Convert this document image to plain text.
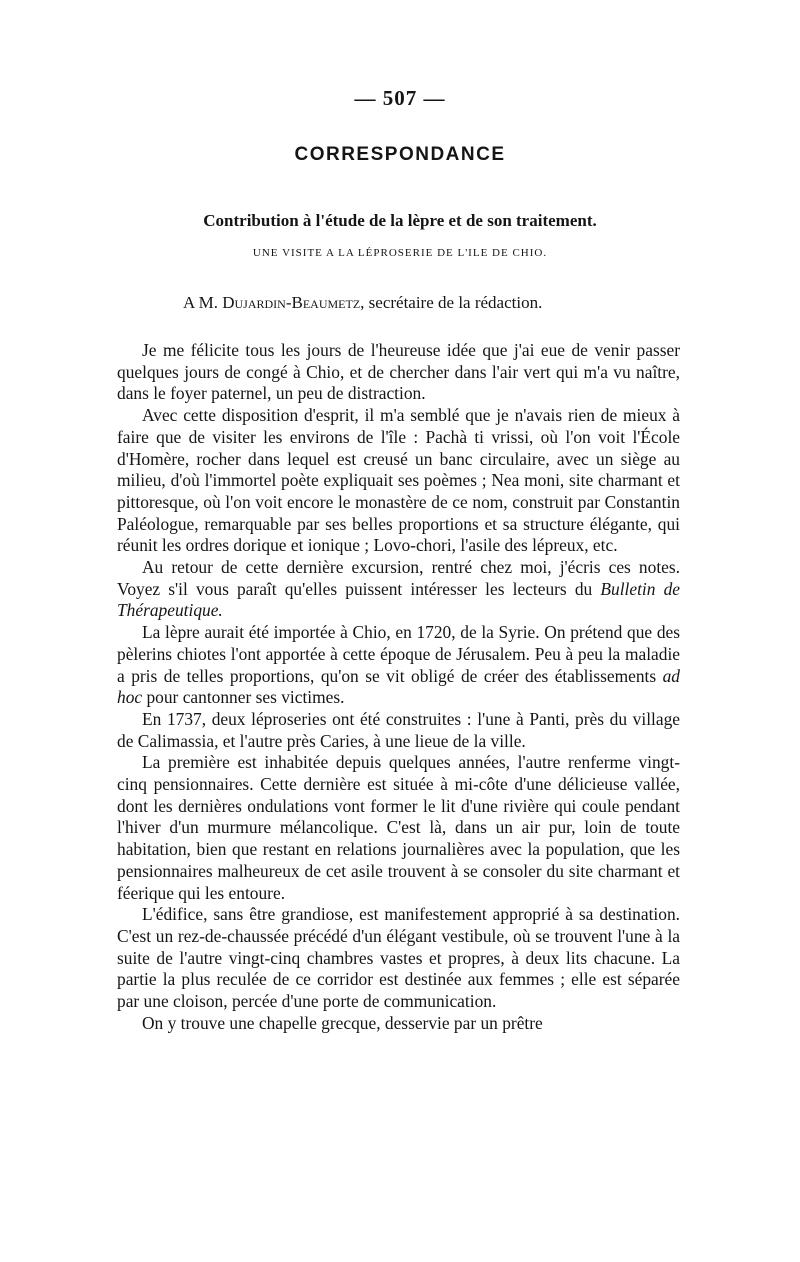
— 507 —
CORRESPONDANCE
Contribution à l'étude de la lèpre et de son traitement.
UNE VISITE A LA LÉPROSERIE DE L'ILE DE CHIO.
A M. Dujardin-Beaumetz, secrétaire de la rédaction.

Je me félicite tous les jours de l'heureuse idée que j'ai eue de venir passer quelques jours de congé à Chio, et de chercher dans l'air vert qui m'a vu naître, dans le foyer paternel, un peu de distraction.

Avec cette disposition d'esprit, il m'a semblé que je n'avais rien de mieux à faire que de visiter les environs de l'île : Pachà ti vrissi, où l'on voit l'École d'Homère, rocher dans lequel est creusé un banc circulaire, avec un siège au milieu, d'où l'immortel poète expliquait ses poèmes ; Nea moni, site charmant et pittoresque, où l'on voit encore le monastère de ce nom, construit par Constantin Paléologue, remarquable par ses belles proportions et sa structure élégante, qui réunit les ordres dorique et ionique ; Lovo-chori, l'asile des lépreux, etc.

Au retour de cette dernière excursion, rentré chez moi, j'écris ces notes. Voyez s'il vous paraît qu'elles puissent intéresser les lecteurs du Bulletin de Thérapeutique.

La lèpre aurait été importée à Chio, en 1720, de la Syrie. On prétend que des pèlerins chiotes l'ont apportée à cette époque de Jérusalem. Peu à peu la maladie a pris de telles proportions, qu'on se vit obligé de créer des établissements ad hoc pour cantonner ses victimes.

En 1737, deux léproseries ont été construites : l'une à Panti, près du village de Calimassia, et l'autre près Caries, à une lieue de la ville.

La première est inhabitée depuis quelques années, l'autre renferme vingt-cinq pensionnaires. Cette dernière est située à mi-côte d'une délicieuse vallée, dont les dernières ondulations vont former le lit d'une rivière qui coule pendant l'hiver d'un murmure mélancolique. C'est là, dans un air pur, loin de toute habitation, bien que restant en relations journalières avec la population, que les pensionnaires malheureux de cet asile trouvent à se consoler du site charmant et féerique qui les entoure.

L'édifice, sans être grandiose, est manifestement approprié à sa destination. C'est un rez-de-chaussée précédé d'un élégant vestibule, où se trouvent l'une à la suite de l'autre vingt-cinq chambres vastes et propres, à deux lits chacune. La partie la plus reculée de ce corridor est destinée aux femmes ; elle est séparée par une cloison, percée d'une porte de communication.

On y trouve une chapelle grecque, desservie par un prêtre
